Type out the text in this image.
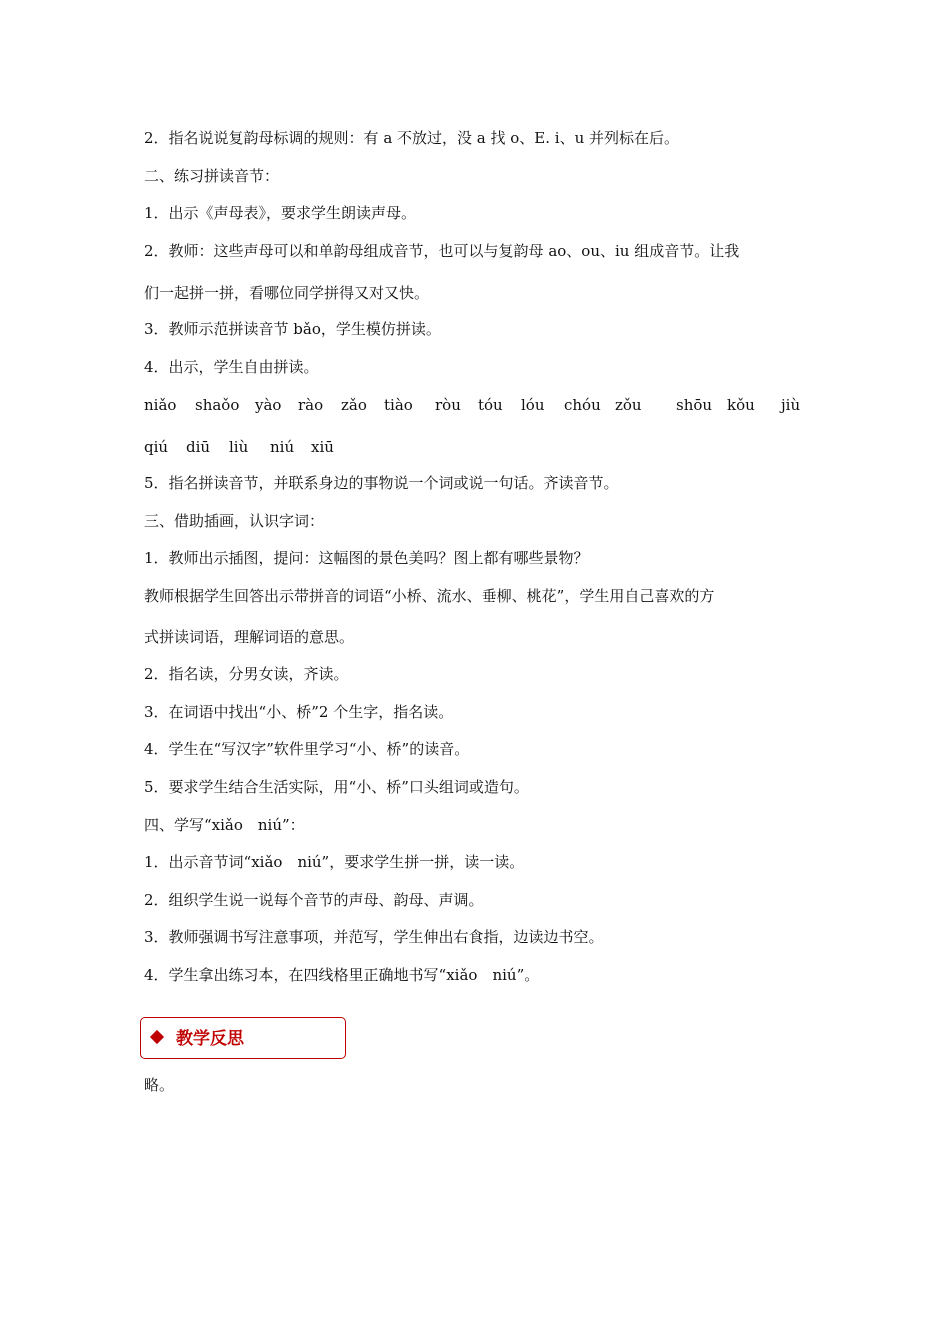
2．指名说说复韵母标调的规则：有 a 不放过，没 a 找 o、E. i、u 并列标在后。
二、练习拼读音节：
1．出示《声母表》，要求学生朗读声母。
2．教师：这些声母可以和单韵母组成音节，也可以与复韵母 ao、ou、iu 组成音节。让我
们一起拼一拼，看哪位同学拼得又对又快。
3．教师示范拼读音节 bǎo，学生模仿拼读。
4．出示，学生自由拼读。
niǎo shaǒo yào rào zǎo tiào ròu tóu lóu chóu zǒu shōu kǒu jiù
qiú diū liù niú xiū
5．指名拼读音节，并联系身边的事物说一个词或说一句话。齐读音节。
三、借助插画，认识字词：
1．教师出示插图，提问：这幅图的景色美吗？图上都有哪些景物？
教师根据学生回答出示带拼音的词语“小桥、流水、垂柳、桃花”，学生用自己喜欢的方
式拼读词语，理解词语的意思。
2．指名读，分男女读，齐读。
3．在词语中找出“小、桥”2 个生字，指名读。
4．学生在“写汉字”软件里学习“小、桥”的读音。
5．要求学生结合生活实际，用“小、桥”口头组词或造句。
四、学写“xiǎo　niú”：
1．出示音节词“xiǎo　niú”，要求学生拼一拼，读一读。
2．组织学生说一说每个音节的声母、韵母、声调。
3．教师强调书写注意事项，并范写，学生伸出右食指，边读边书空。
4．学生拿出练习本，在四线格里正确地书写“xiǎo　niú”。
教学反思
略。
